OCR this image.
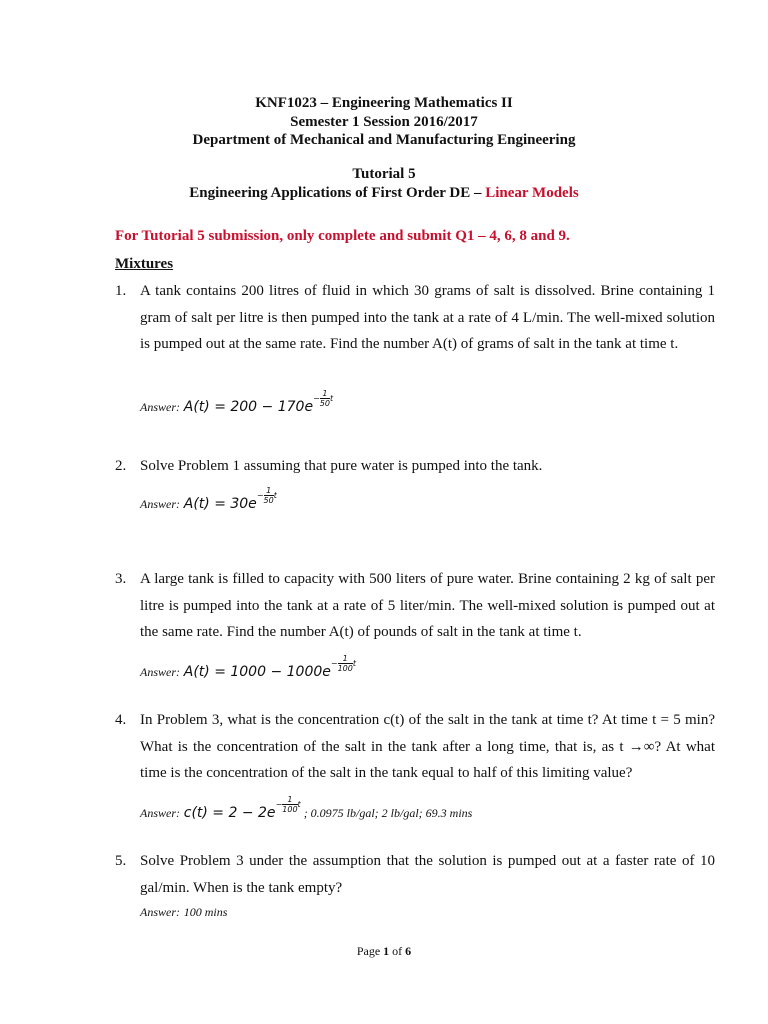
KNF1023 – Engineering Mathematics II
Semester 1 Session 2016/2017
Department of Mechanical and Manufacturing Engineering
Tutorial 5
Engineering Applications of First Order DE – Linear Models
For Tutorial 5 submission, only complete and submit Q1 – 4, 6, 8 and 9.
Mixtures
1. A tank contains 200 litres of fluid in which 30 grams of salt is dissolved. Brine containing 1 gram of salt per litre is then pumped into the tank at a rate of 4 L/min. The well-mixed solution is pumped out at the same rate. Find the number A(t) of grams of salt in the tank at time t.
Answer: $A(t) = 200 - 170e- \frac{1}{50}$ t
2. Solve Problem 1 assuming that pure water is pumped into the tank.
Answer: $A(t) = 30e- \frac{1}{50}$ t
3. A large tank is filled to capacity with 500 liters of pure water. Brine containing 2 kg of salt per litre is pumped into the tank at a rate of 5 liter/min. The well-mixed solution is pumped out at the same rate. Find the number A(t) of pounds of salt in the tank at time t.
Answer: $A(t) = 1000 - 1000e- \frac{1}{100}$ t
4. In Problem 3, what is the concentration c(t) of the salt in the tank at time t? At time t = 5 min? What is the concentration of the salt in the tank after a long time, that is, as t →∞? At what time is the concentration of the salt in the tank equal to half of this limiting value?
Answer: $c(t) = 2 - 2e- \frac{1}{100}$ t ; 0.0975 lb/gal; 2 lb/gal; 69.3 mins
5. Solve Problem 3 under the assumption that the solution is pumped out at a faster rate of 10 gal/min. When is the tank empty?
Answer: 100 mins
Page 1 of 6
